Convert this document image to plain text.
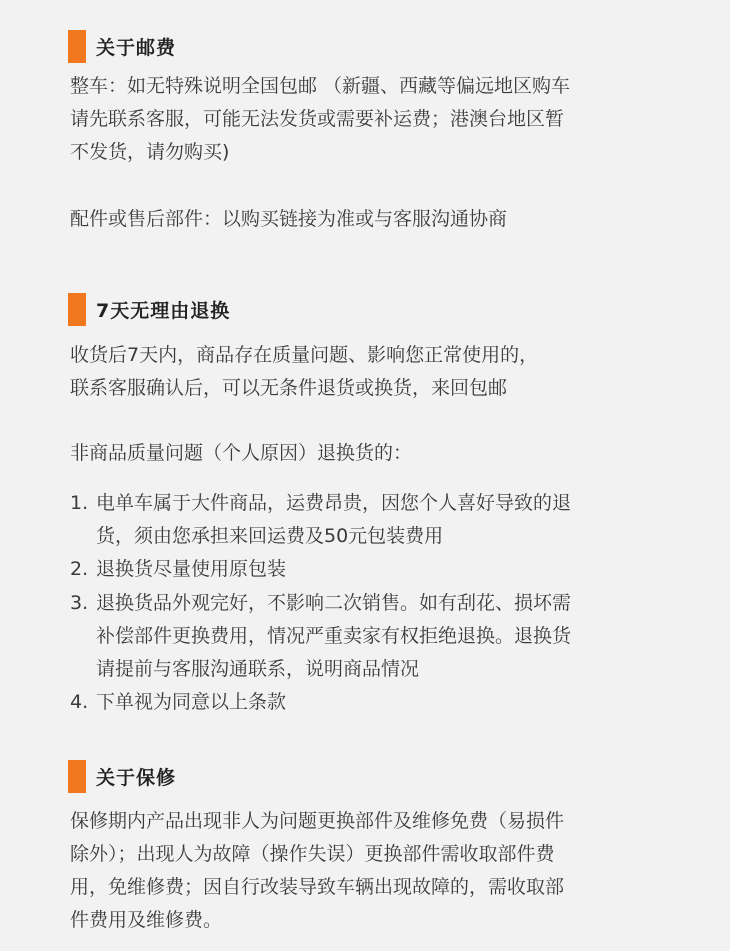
关于邮费
整车：如无特殊说明全国包邮 （新疆、西藏等偏远地区购车
请先联系客服，可能无法发货或需要补运费；港澳台地区暂
不发货，请勿购买)
配件或售后部件：以购买链接为准或与客服沟通协商
7天无理由退换
收货后7天内，商品存在质量问题、影响您正常使用的，
联系客服确认后，可以无条件退货或换货，来回包邮
非商品质量问题（个人原因）退换货的：
1. 电单车属于大件商品，运费昂贵，因您个人喜好导致的退
货，须由您承担来回运费及50元包装费用
2. 退换货尽量使用原包装
3. 退换货品外观完好，不影响二次销售。如有刮花、损坏需
补偿部件更换费用，情况严重卖家有权拒绝退换。退换货
请提前与客服沟通联系，说明商品情况
4. 下单视为同意以上条款
关于保修
保修期内产品出现非人为问题更换部件及维修免费（易损件
除外）；出现人为故障（操作失误）更换部件需收取部件费
用，免维修费；因自行改装导致车辆出现故障的，需收取部
件费用及维修费。
